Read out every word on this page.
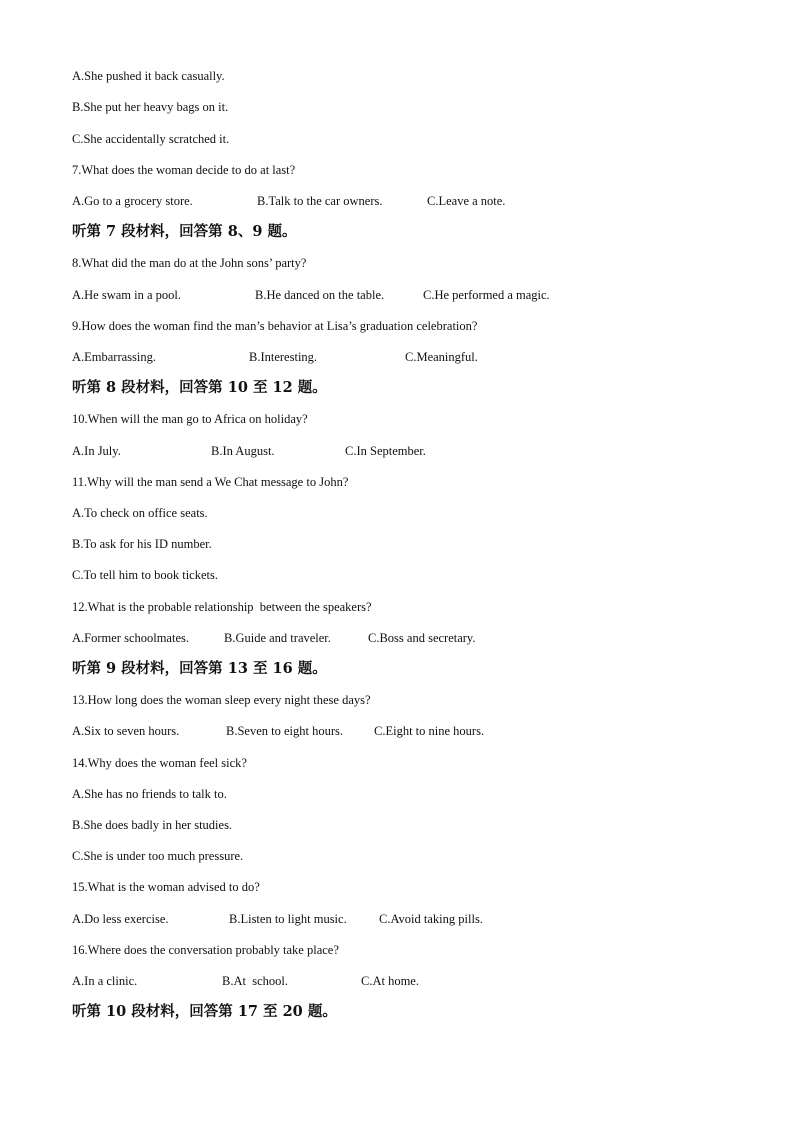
A.She pushed it back casually.
B.She put her heavy bags on it.
C.She accidentally scratched it.
7.What does the woman decide to do at last?
A.Go to a grocery store.	B.Talk to the car owners.	C.Leave a note.
听第 7 段材料，回答第 8、9 题。
8.What did the man do at the John sons’ party?
A.He swam in a pool.	B.He danced on the table.	C.He performed a magic.
9.How does the woman find the man’s behavior at Lisa’s graduation celebration?
A.Embarrassing.	B.Interesting.	C.Meaningful.
听第 8 段材料，回答第 10 至 12 题。
10.When will the man go to Africa on holiday?
A.In July.	B.In August.	C.In September.
11.Why will the man send a We Chat message to John?
A.To check on office seats.
B.To ask for his ID number.
C.To tell him to book tickets.
12.What is the probable relationship  between the speakers?
A.Former schoolmates.	B.Guide and traveler.	C.Boss and secretary.
听第 9 段材料，回答第 13 至 16 题。
13.How long does the woman sleep every night these days?
A.Six to seven hours.	B.Seven to eight hours. C.Eight to nine hours.
14.Why does the woman feel sick?
A.She has no friends to talk to.
B.She does badly in her studies.
C.She is under too much pressure.
15.What is the woman advised to do?
A.Do less exercise.	B.Listen to light music.	C.Avoid taking pills.
16.Where does the conversation probably take place?
A.In a clinic.	B.At  school.	C.At home.
听第 10 段材料，回答第 17 至 20 题。
